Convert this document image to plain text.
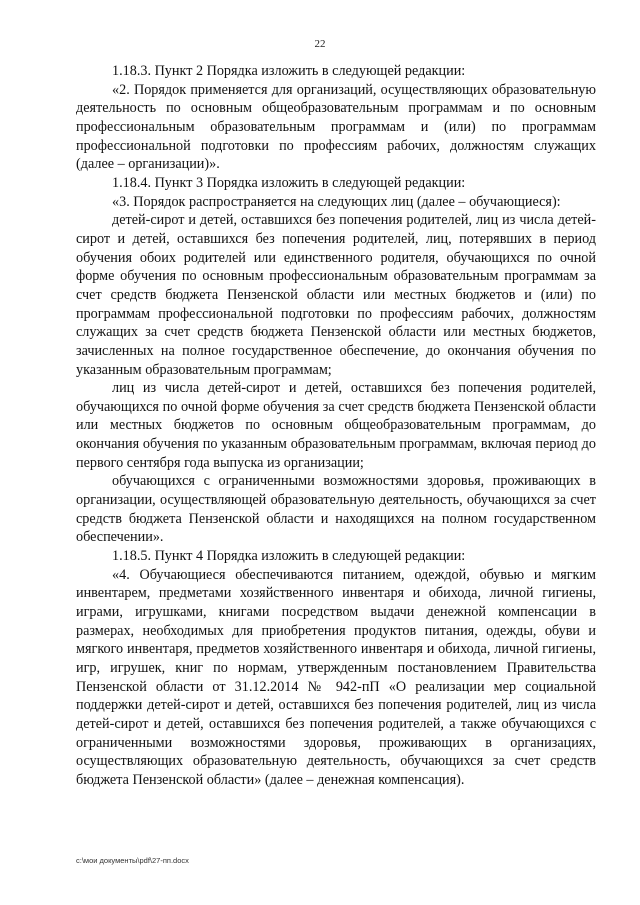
22

1.18.3. Пункт 2 Порядка изложить в следующей редакции:

«2. Порядок применяется для организаций, осуществляющих образовательную деятельность по основным общеобразовательным программам и по основным профессиональным образовательным программам и (или) по программам профессиональной подготовки по профессиям рабочих, должностям служащих (далее – организации)».

1.18.4. Пункт 3 Порядка изложить в следующей редакции:

«3. Порядок распространяется на следующих лиц (далее – обучающиеся):

детей-сирот и детей, оставшихся без попечения родителей, лиц из числа детей-сирот и детей, оставшихся без попечения родителей, лиц, потерявших в период обучения обоих родителей или единственного родителя, обучающихся по очной форме обучения по основным профессиональным образовательным программам за счет средств бюджета Пензенской области или местных бюджетов и (или) по программам профессиональной подготовки по профессиям рабочих, должностям служащих за счет средств бюджета Пензенской области или местных бюджетов, зачисленных на полное государственное обеспечение, до окончания обучения по указанным образовательным программам;

лиц из числа детей-сирот и детей, оставшихся без попечения родителей, обучающихся по очной форме обучения за счет средств бюджета Пензенской области или местных бюджетов по основным общеобразовательным программам, до окончания обучения по указанным образовательным программам, включая период до первого сентября года выпуска из организации;

обучающихся с ограниченными возможностями здоровья, проживающих в организации, осуществляющей образовательную деятельность, обучающихся за счет средств бюджета Пензенской области и находящихся на полном государственном обеспечении».

1.18.5. Пункт 4 Порядка изложить в следующей редакции:

«4. Обучающиеся обеспечиваются питанием, одеждой, обувью и мягким инвентарем, предметами хозяйственного инвентаря и обихода, личной гигиены, играми, игрушками, книгами посредством выдачи денежной компенсации в размерах, необходимых для приобретения продуктов питания, одежды, обуви и мягкого инвентаря, предметов хозяйственного инвентаря и обихода, личной гигиены, игр, игрушек, книг по нормам, утвержденным постановлением Правительства Пензенской области от 31.12.2014 № 942-пП «О реализации мер социальной поддержки детей-сирот и детей, оставшихся без попечения родителей, лиц из числа детей-сирот и детей, оставшихся без попечения родителей, а также обучающихся с ограниченными возможностями здоровья, проживающих в организациях, осуществляющих образовательную деятельность, обучающихся за счет средств бюджета Пензенской области» (далее – денежная компенсация).

c:\мои документы\pdf\27-пп.docx
